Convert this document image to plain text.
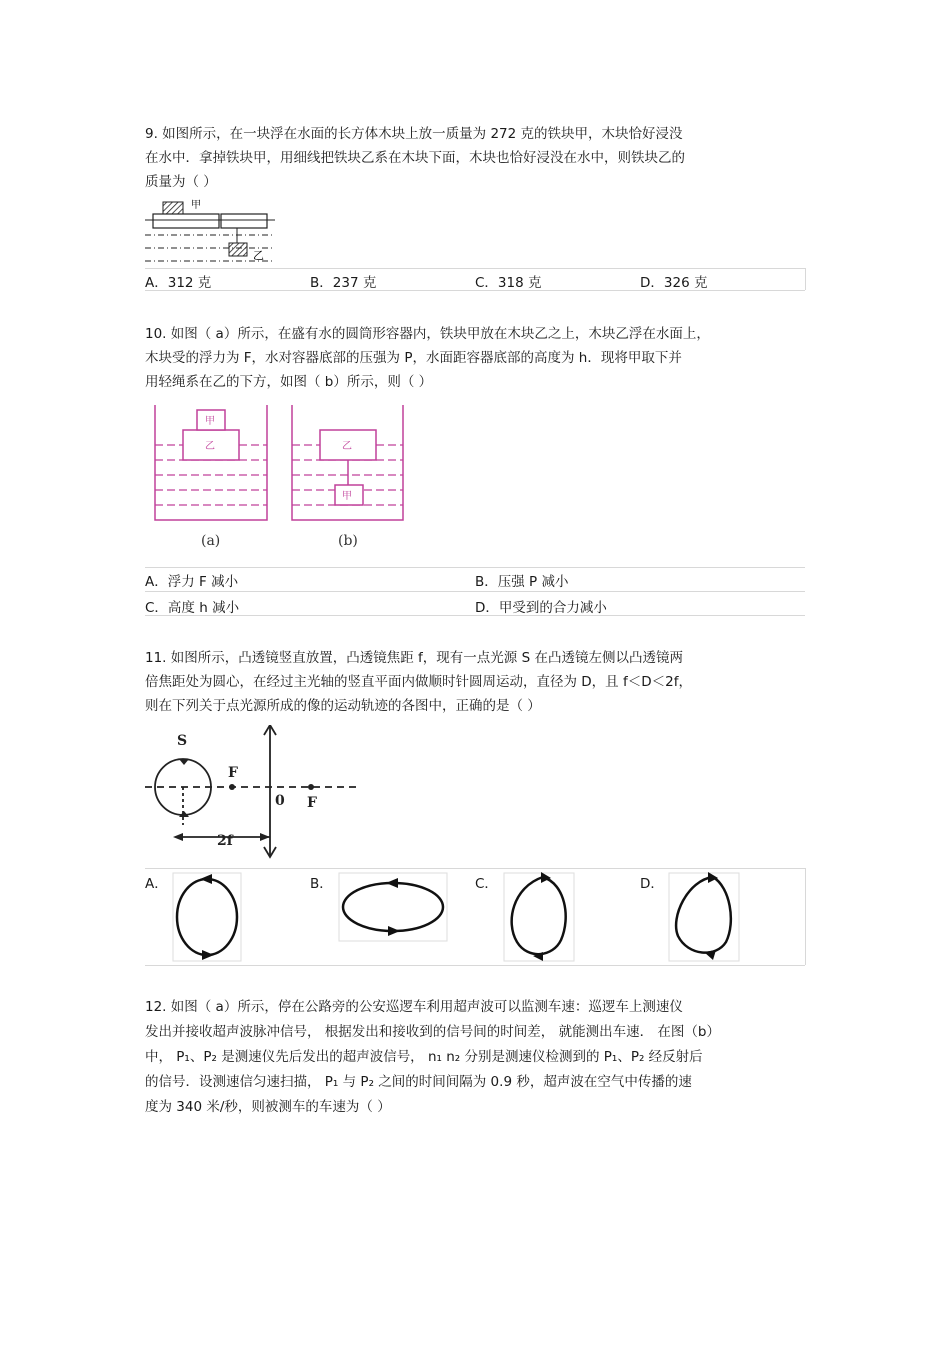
9. 如图所示，在一块浮在水面的长方体木块上放一质量为 272 克的铁块甲，木块恰好浸没
在水中．拿掉铁块甲，用细线把铁块乙系在木块下面，木块也恰好浸没在水中，则铁块乙的
质量为（ ）
甲
乙
A．312 克	B．237 克	C．318 克	D．326 克
10. 如图（ a）所示，在盛有水的圆筒形容器内，铁块甲放在木块乙之上，木块乙浮在水面上，
木块受的浮力为 F，水对容器底部的压强为 P，水面距容器底部的高度为 h．现将甲取下并
用轻绳系在乙的下方，如图（ b）所示，则（ ）
甲
乙	乙
甲
(a)	(b)
A．浮力 F 减小	B．压强 P 减小
C．高度 h 减小	D．甲受到的合力减小
11. 如图所示，凸透镜竖直放置，凸透镜焦距 f，现有一点光源 S 在凸透镜左侧以凸透镜两
倍焦距处为圆心，在经过主光轴的竖直平面内做顺时针圆周运动，直径为 D，且 f＜D＜2f，
则在下列关于点光源所成的像的运动轨迹的各图中，正确的是（ ）
S
F
0 F
2f
A．	B．	C．	D．
12. 如图（ a）所示，停在公路旁的公安巡逻车利用超声波可以监测车速：巡逻车上测速仪
发出并接收超声波脉冲信号， 根据发出和接收到的信号间的时间差， 就能测出车速． 在图（b）
中， P₁、P₂ 是测速仪先后发出的超声波信号， n₁ n₂ 分别是测速仪检测到的 P₁、P₂ 经反射后
的信号．设测速信匀速扫描， P₁ 与 P₂ 之间的时间间隔为 0.9 秒，超声波在空气中传播的速
度为 340 米/秒，则被测车的车速为（ ）
